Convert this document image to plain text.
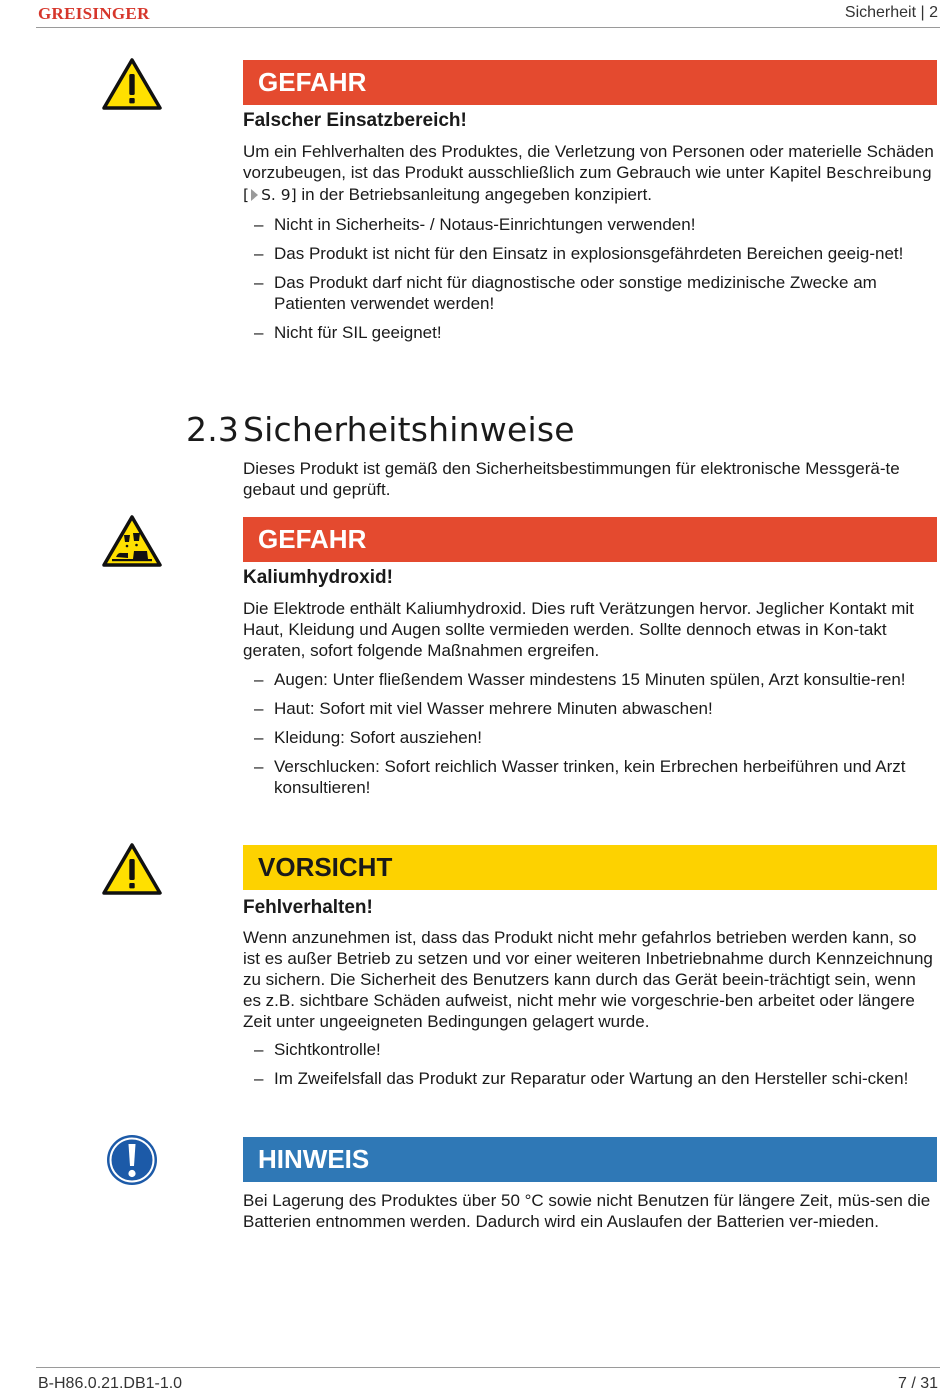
GREISINGER	Sicherheit | 2
GEFAHR
Falscher Einsatzbereich!

Um ein Fehlverhalten des Produktes, die Verletzung von Personen oder materielle Schäden vorzubeugen, ist das Produkt ausschließlich zum Gebrauch wie unter Kapitel Beschreibung [ S. 9] in der Betriebsanleitung angegeben konzipiert.

– Nicht in Sicherheits- / Notaus-Einrichtungen verwenden!
– Das Produkt ist nicht für den Einsatz in explosionsgefährdeten Bereichen geeig-net!
– Das Produkt darf nicht für diagnostische oder sonstige medizinische Zwecke am Patienten verwendet werden!
– Nicht für SIL geeignet!
2.3 Sicherheitshinweise

Dieses Produkt ist gemäß den Sicherheitsbestimmungen für elektronische Messgerä-te gebaut und geprüft.

GEFAHR
Kaliumhydroxid!

Die Elektrode enthält Kaliumhydroxid. Dies ruft Verätzungen hervor. Jeglicher Kontakt mit Haut, Kleidung und Augen sollte vermieden werden. Sollte dennoch etwas in Kon-takt geraten, sofort folgende Maßnahmen ergreifen.

– Augen: Unter fließendem Wasser mindestens 15 Minuten spülen, Arzt konsultie-ren!
– Haut: Sofort mit viel Wasser mehrere Minuten abwaschen!
– Kleidung: Sofort ausziehen!
– Verschlucken: Sofort reichlich Wasser trinken, kein Erbrechen herbeiführen und Arzt konsultieren!
VORSICHT
Fehlverhalten!

Wenn anzunehmen ist, dass das Produkt nicht mehr gefahrlos betrieben werden kann, so ist es außer Betrieb zu setzen und vor einer weiteren Inbetriebnahme durch Kennzeichnung zu sichern. Die Sicherheit des Benutzers kann durch das Gerät beein-trächtigt sein, wenn es z.B. sichtbare Schäden aufweist, nicht mehr wie vorgeschrie-ben arbeitet oder längere Zeit unter ungeeigneten Bedingungen gelagert wurde.

– Sichtkontrolle!
– Im Zweifelsfall das Produkt zur Reparatur oder Wartung an den Hersteller schi-cken!
HINWEIS

Bei Lagerung des Produktes über 50 °C sowie nicht Benutzen für längere Zeit, müs-sen die Batterien entnommen werden. Dadurch wird ein Auslaufen der Batterien ver-mieden.

B-H86.0.21.DB1-1.0	7 / 31
